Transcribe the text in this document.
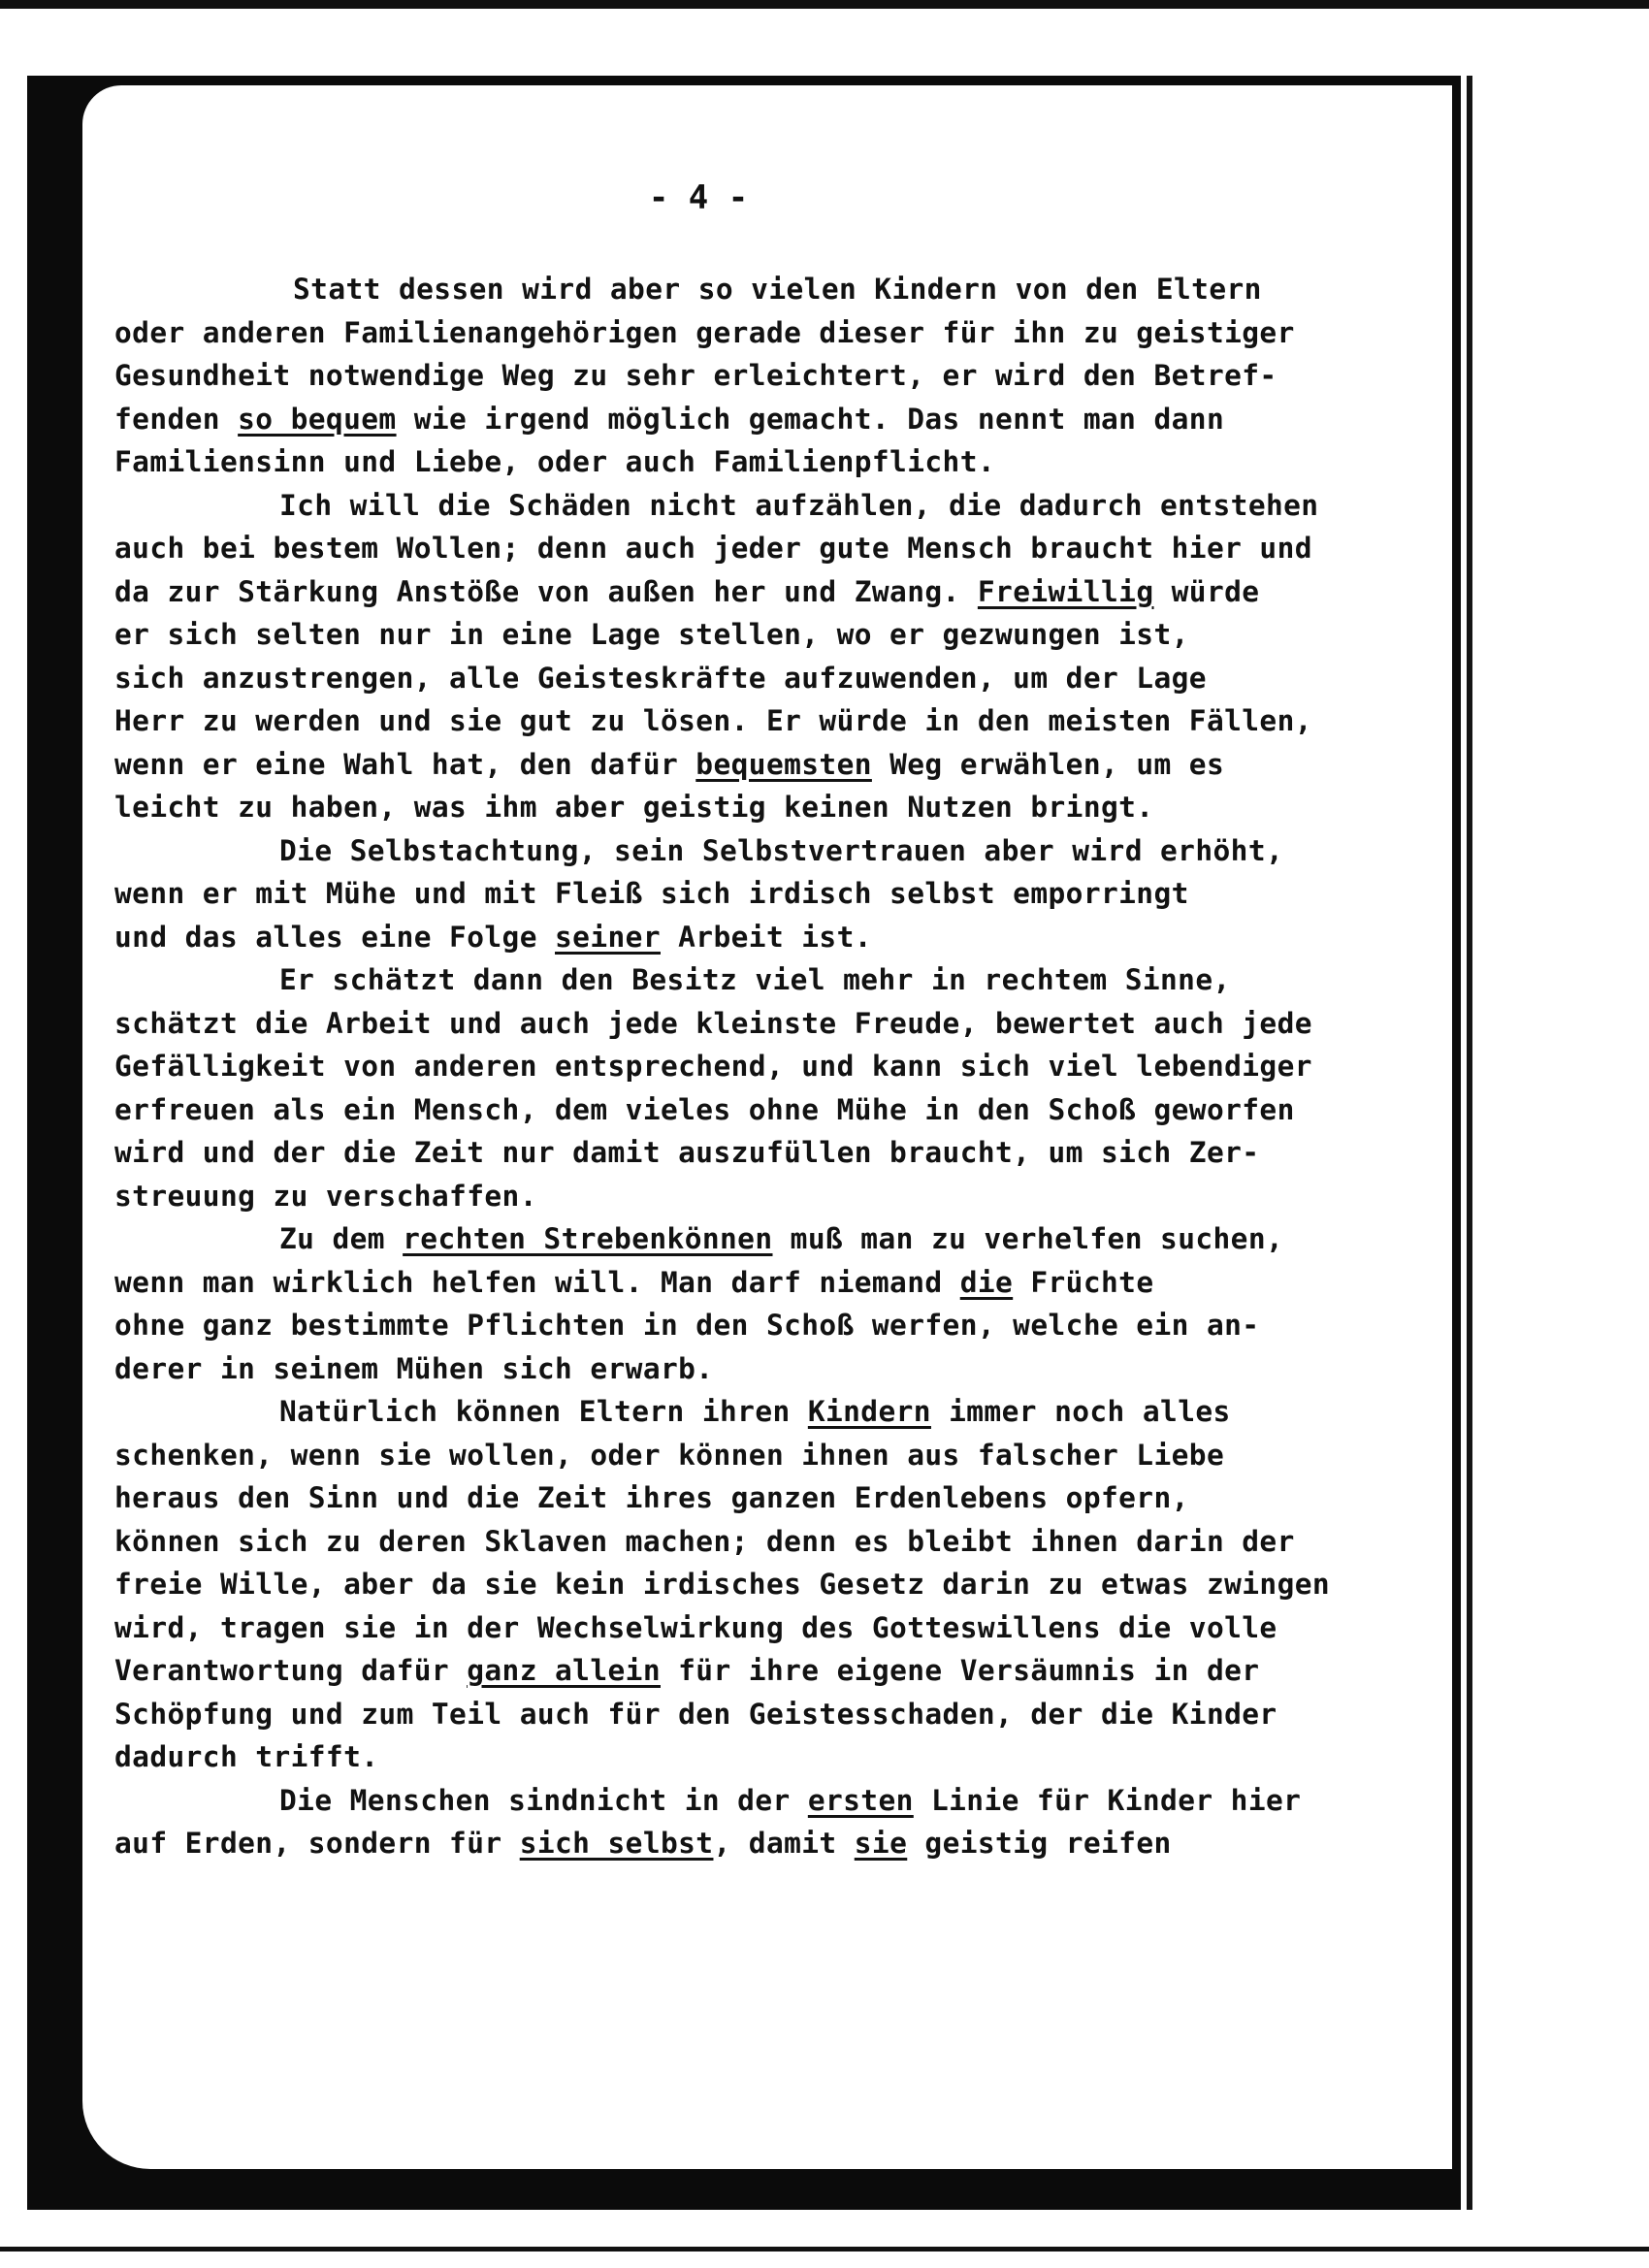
- 4 -
Statt dessen wird aber so vielen Kindern von den Eltern
oder anderen Familienangehörigen gerade dieser für ihn zu geistiger
Gesundheit notwendige Weg zu sehr erleichtert, er wird den Betref-
fenden so bequem wie irgend möglich gemacht. Das nennt man dann
Familiensinn und Liebe, oder auch Familienpflicht.
Ich will die Schäden nicht aufzählen, die dadurch entstehen
auch bei bestem Wollen; denn auch jeder gute Mensch braucht hier und
da zur Stärkung Anstöße von außen her und Zwang. Freiwillig würde
er sich selten nur in eine Lage stellen, wo er gezwungen ist,
sich anzustrengen, alle Geisteskräfte aufzuwenden, um der Lage
Herr zu werden und sie gut zu lösen. Er würde in den meisten Fällen,
wenn er eine Wahl hat, den dafür bequemsten Weg erwählen, um es
leicht zu haben, was ihm aber geistig keinen Nutzen bringt.
Die Selbstachtung, sein Selbstvertrauen aber wird erhöht,
wenn er mit Mühe und mit Fleiß sich irdisch selbst emporringt
und das alles eine Folge seiner Arbeit ist.
Er schätzt dann den Besitz viel mehr in rechtem Sinne,
schätzt die Arbeit und auch jede kleinste Freude, bewertet auch jede
Gefälligkeit von anderen entsprechend, und kann sich viel lebendiger
erfreuen als ein Mensch, dem vieles ohne Mühe in den Schoß geworfen
wird und der die Zeit nur damit auszufüllen braucht, um sich Zer-
streuung zu verschaffen.
Zu dem rechten Strebenkönnen muß man zu verhelfen suchen,
wenn man wirklich helfen will. Man darf niemand die Früchte
ohne ganz bestimmte Pflichten in den Schoß werfen, welche ein an-
derer in seinem Mühen sich erwarb.
Natürlich können Eltern ihren Kindern immer noch alles
schenken, wenn sie wollen, oder können ihnen aus falscher Liebe
heraus den Sinn und die Zeit ihres ganzen Erdenlebens opfern,
können sich zu deren Sklaven machen; denn es bleibt ihnen darin der
freie Wille, aber da sie kein irdisches Gesetz darin zu etwas zwingen
wird, tragen sie in der Wechselwirkung des Gotteswillens die volle
Verantwortung dafür ganz allein für ihre eigene Versäumnis in der
Schöpfung und zum Teil auch für den Geistesschaden, der die Kinder
dadurch trifft.
Die Menschen sindnicht in der ersten Linie für Kinder hier
auf Erden, sondern für sich selbst, damit sie geistig reifen
